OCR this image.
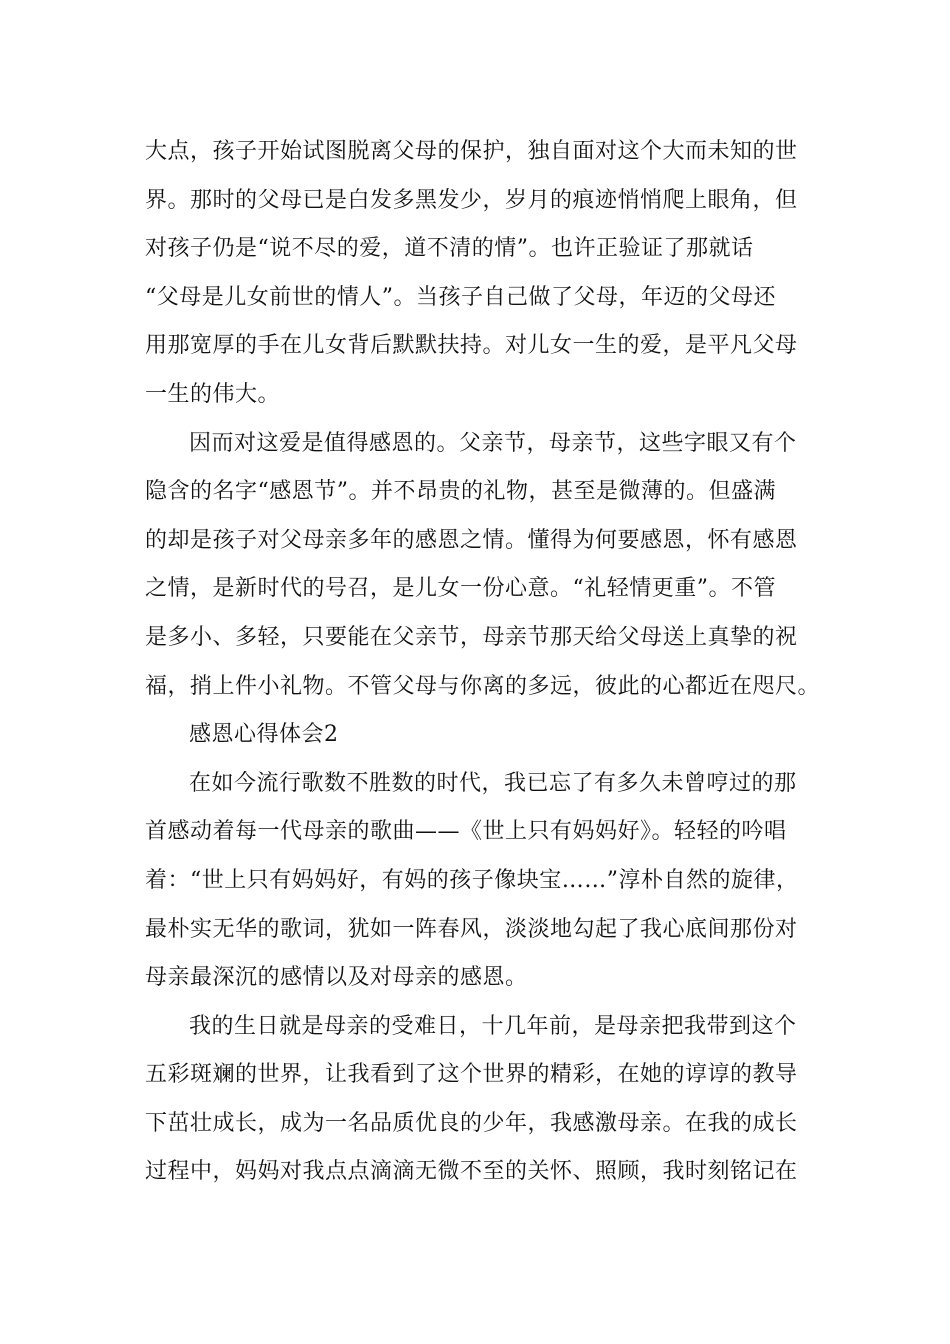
大点，孩子开始试图脱离父母的保护，独自面对这个大而未知的世
界。那时的父母已是白发多黑发少，岁月的痕迹悄悄爬上眼角，但
对孩子仍是“说不尽的爱，道不清的情”。也许正验证了那就话
“父母是儿女前世的情人”。当孩子自己做了父母，年迈的父母还
用那宽厚的手在儿女背后默默扶持。对儿女一生的爱，是平凡父母
一生的伟大。
因而对这爱是值得感恩的。父亲节，母亲节，这些字眼又有个
隐含的名字“感恩节”。并不昂贵的礼物，甚至是微薄的。但盛满
的却是孩子对父母亲多年的感恩之情。懂得为何要感恩，怀有感恩
之情，是新时代的号召，是儿女一份心意。“礼轻情更重”。不管
是多小、多轻，只要能在父亲节，母亲节那天给父母送上真挚的祝
福，捎上件小礼物。不管父母与你离的多远，彼此的心都近在咫尺。
感恩心得体会2
在如今流行歌数不胜数的时代，我已忘了有多久未曾哼过的那
首感动着每一代母亲的歌曲——《世上只有妈妈好》。轻轻的吟唱
着：“世上只有妈妈好，有妈的孩子像块宝……”淳朴自然的旋律，
最朴实无华的歌词，犹如一阵春风，淡淡地勾起了我心底间那份对
母亲最深沉的感情以及对母亲的感恩。
我的生日就是母亲的受难日，十几年前，是母亲把我带到这个
五彩斑斓的世界，让我看到了这个世界的精彩，在她的谆谆的教导
下茁壮成长，成为一名品质优良的少年，我感激母亲。在我的成长
过程中，妈妈对我点点滴滴无微不至的关怀、照顾，我时刻铭记在
